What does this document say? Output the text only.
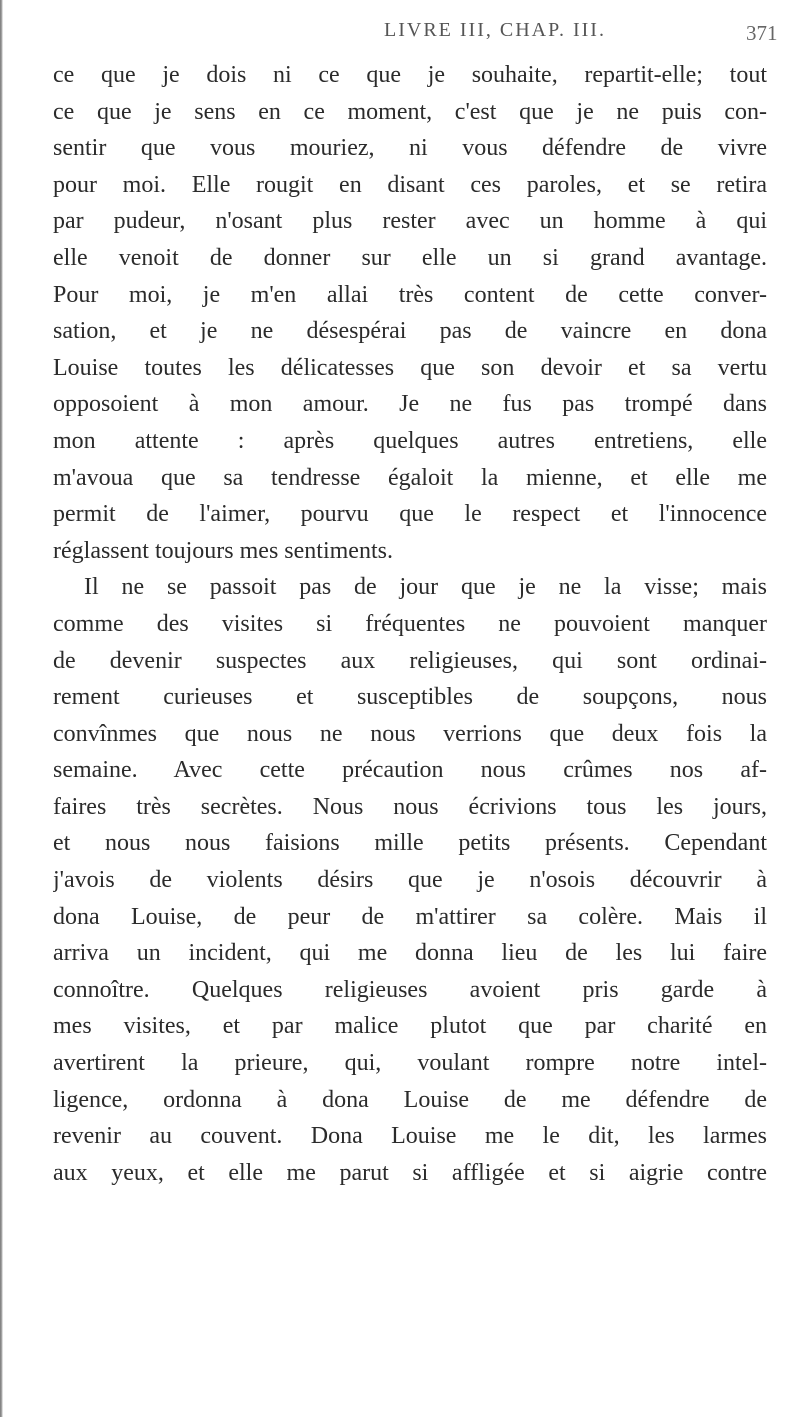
LIVRE III, CHAP. III.	371
ce que je dois ni ce que je souhaite, repartit-elle; tout
ce que je sens en ce moment, c'est que je ne puis con-
sentir que vous mouriez, ni vous défendre de vivre
pour moi. Elle rougit en disant ces paroles, et se retira
par pudeur, n'osant plus rester avec un homme à qui
elle venoit de donner sur elle un si grand avantage.
Pour moi, je m'en allai très content de cette conver-
sation, et je ne désespérai pas de vaincre en dona
Louise toutes les délicatesses que son devoir et sa vertu
opposoient à mon amour. Je ne fus pas trompé dans
mon attente : après quelques autres entretiens, elle
m'avoua que sa tendresse égaloit la mienne, et elle me
permit de l'aimer, pourvu que le respect et l'innocence
réglassent toujours mes sentiments.
Il ne se passoit pas de jour que je ne la visse; mais
comme des visites si fréquentes ne pouvoient manquer
de devenir suspectes aux religieuses, qui sont ordinai-
rement curieuses et susceptibles de soupçons, nous
convînmes que nous ne nous verrions que deux fois la
semaine. Avec cette précaution nous crûmes nos af-
faires très secrètes. Nous nous écrivions tous les jours,
et nous nous faisions mille petits présents. Cependant
j'avois de violents désirs que je n'osois découvrir à
dona Louise, de peur de m'attirer sa colère. Mais il
arriva un incident, qui me donna lieu de les lui faire
connoître. Quelques religieuses avoient pris garde à
mes visites, et par malice plutot que par charité en
avertirent la prieure, qui, voulant rompre notre intel-
ligence, ordonna à dona Louise de me défendre de
revenir au couvent. Dona Louise me le dit, les larmes
aux yeux, et elle me parut si affligée et si aigrie contre
